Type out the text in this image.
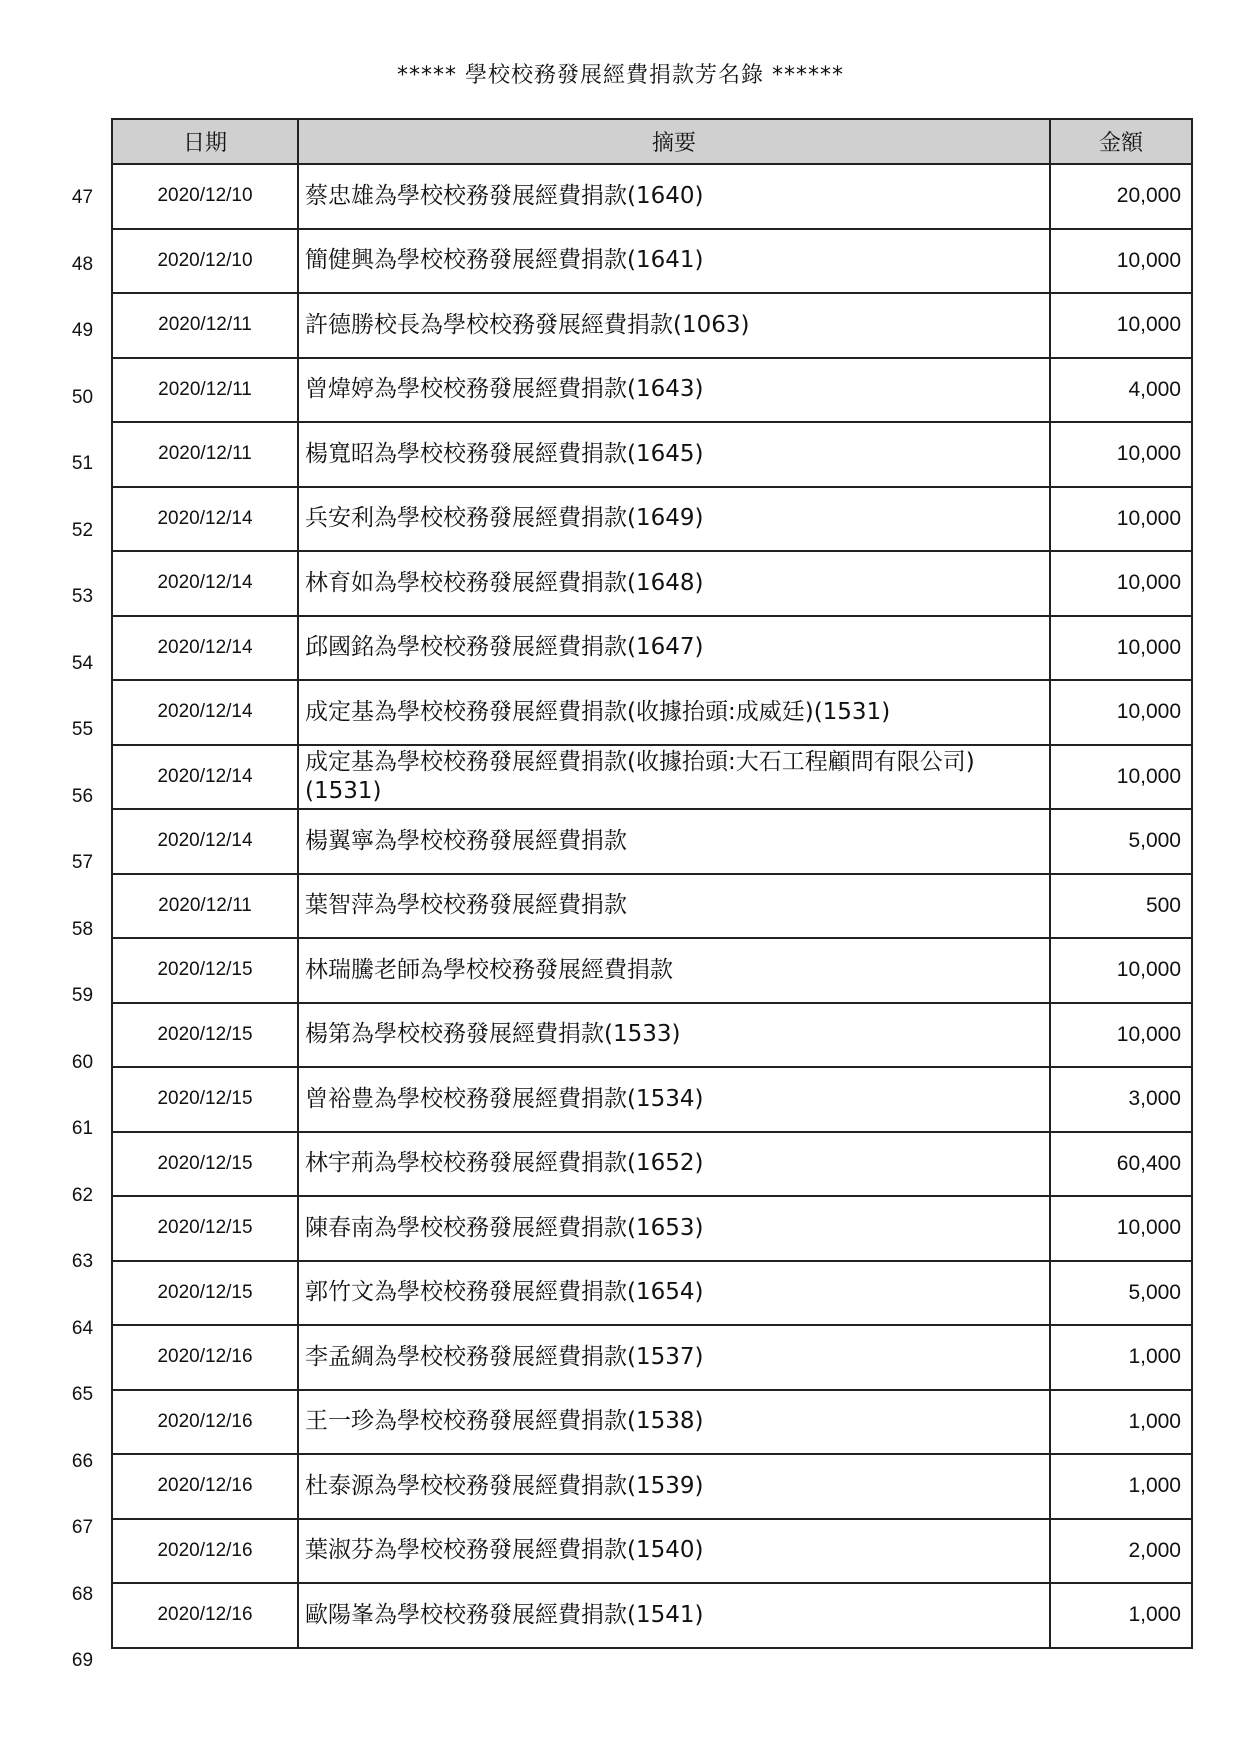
***** 學校校務發展經費捐款芳名錄 ******
47
48
49
50
51
52
53
54
55
56
57
58
59
60
61
62
63
64
65
66
67
68
69
日期	摘要	金額
2020/12/10	蔡忠雄為學校校務發展經費捐款(1640)	20,000
2020/12/10	簡健興為學校校務發展經費捐款(1641)	10,000
2020/12/11	許德勝校長為學校校務發展經費捐款(1063)	10,000
2020/12/11	曾煒婷為學校校務發展經費捐款(1643)	4,000
2020/12/11	楊寬昭為學校校務發展經費捐款(1645)	10,000
2020/12/14	兵安利為學校校務發展經費捐款(1649)	10,000
2020/12/14	林育如為學校校務發展經費捐款(1648)	10,000
2020/12/14	邱國銘為學校校務發展經費捐款(1647)	10,000
2020/12/14	成定基為學校校務發展經費捐款(收據抬頭:成威廷)(1531)	10,000
2020/12/14	成定基為學校校務發展經費捐款(收據抬頭:大石工程顧問有限公司)(1531)	10,000
2020/12/14	楊翼寧為學校校務發展經費捐款	5,000
2020/12/11	葉智萍為學校校務發展經費捐款	500
2020/12/15	林瑞騰老師為學校校務發展經費捐款	10,000
2020/12/15	楊第為學校校務發展經費捐款(1533)	10,000
2020/12/15	曾裕豊為學校校務發展經費捐款(1534)	3,000
2020/12/15	林宇荊為學校校務發展經費捐款(1652)	60,400
2020/12/15	陳春南為學校校務發展經費捐款(1653)	10,000
2020/12/15	郭竹文為學校校務發展經費捐款(1654)	5,000
2020/12/16	李孟綢為學校校務發展經費捐款(1537)	1,000
2020/12/16	王一珍為學校校務發展經費捐款(1538)	1,000
2020/12/16	杜泰源為學校校務發展經費捐款(1539)	1,000
2020/12/16	葉淑芬為學校校務發展經費捐款(1540)	2,000
2020/12/16	歐陽峯為學校校務發展經費捐款(1541)	1,000
